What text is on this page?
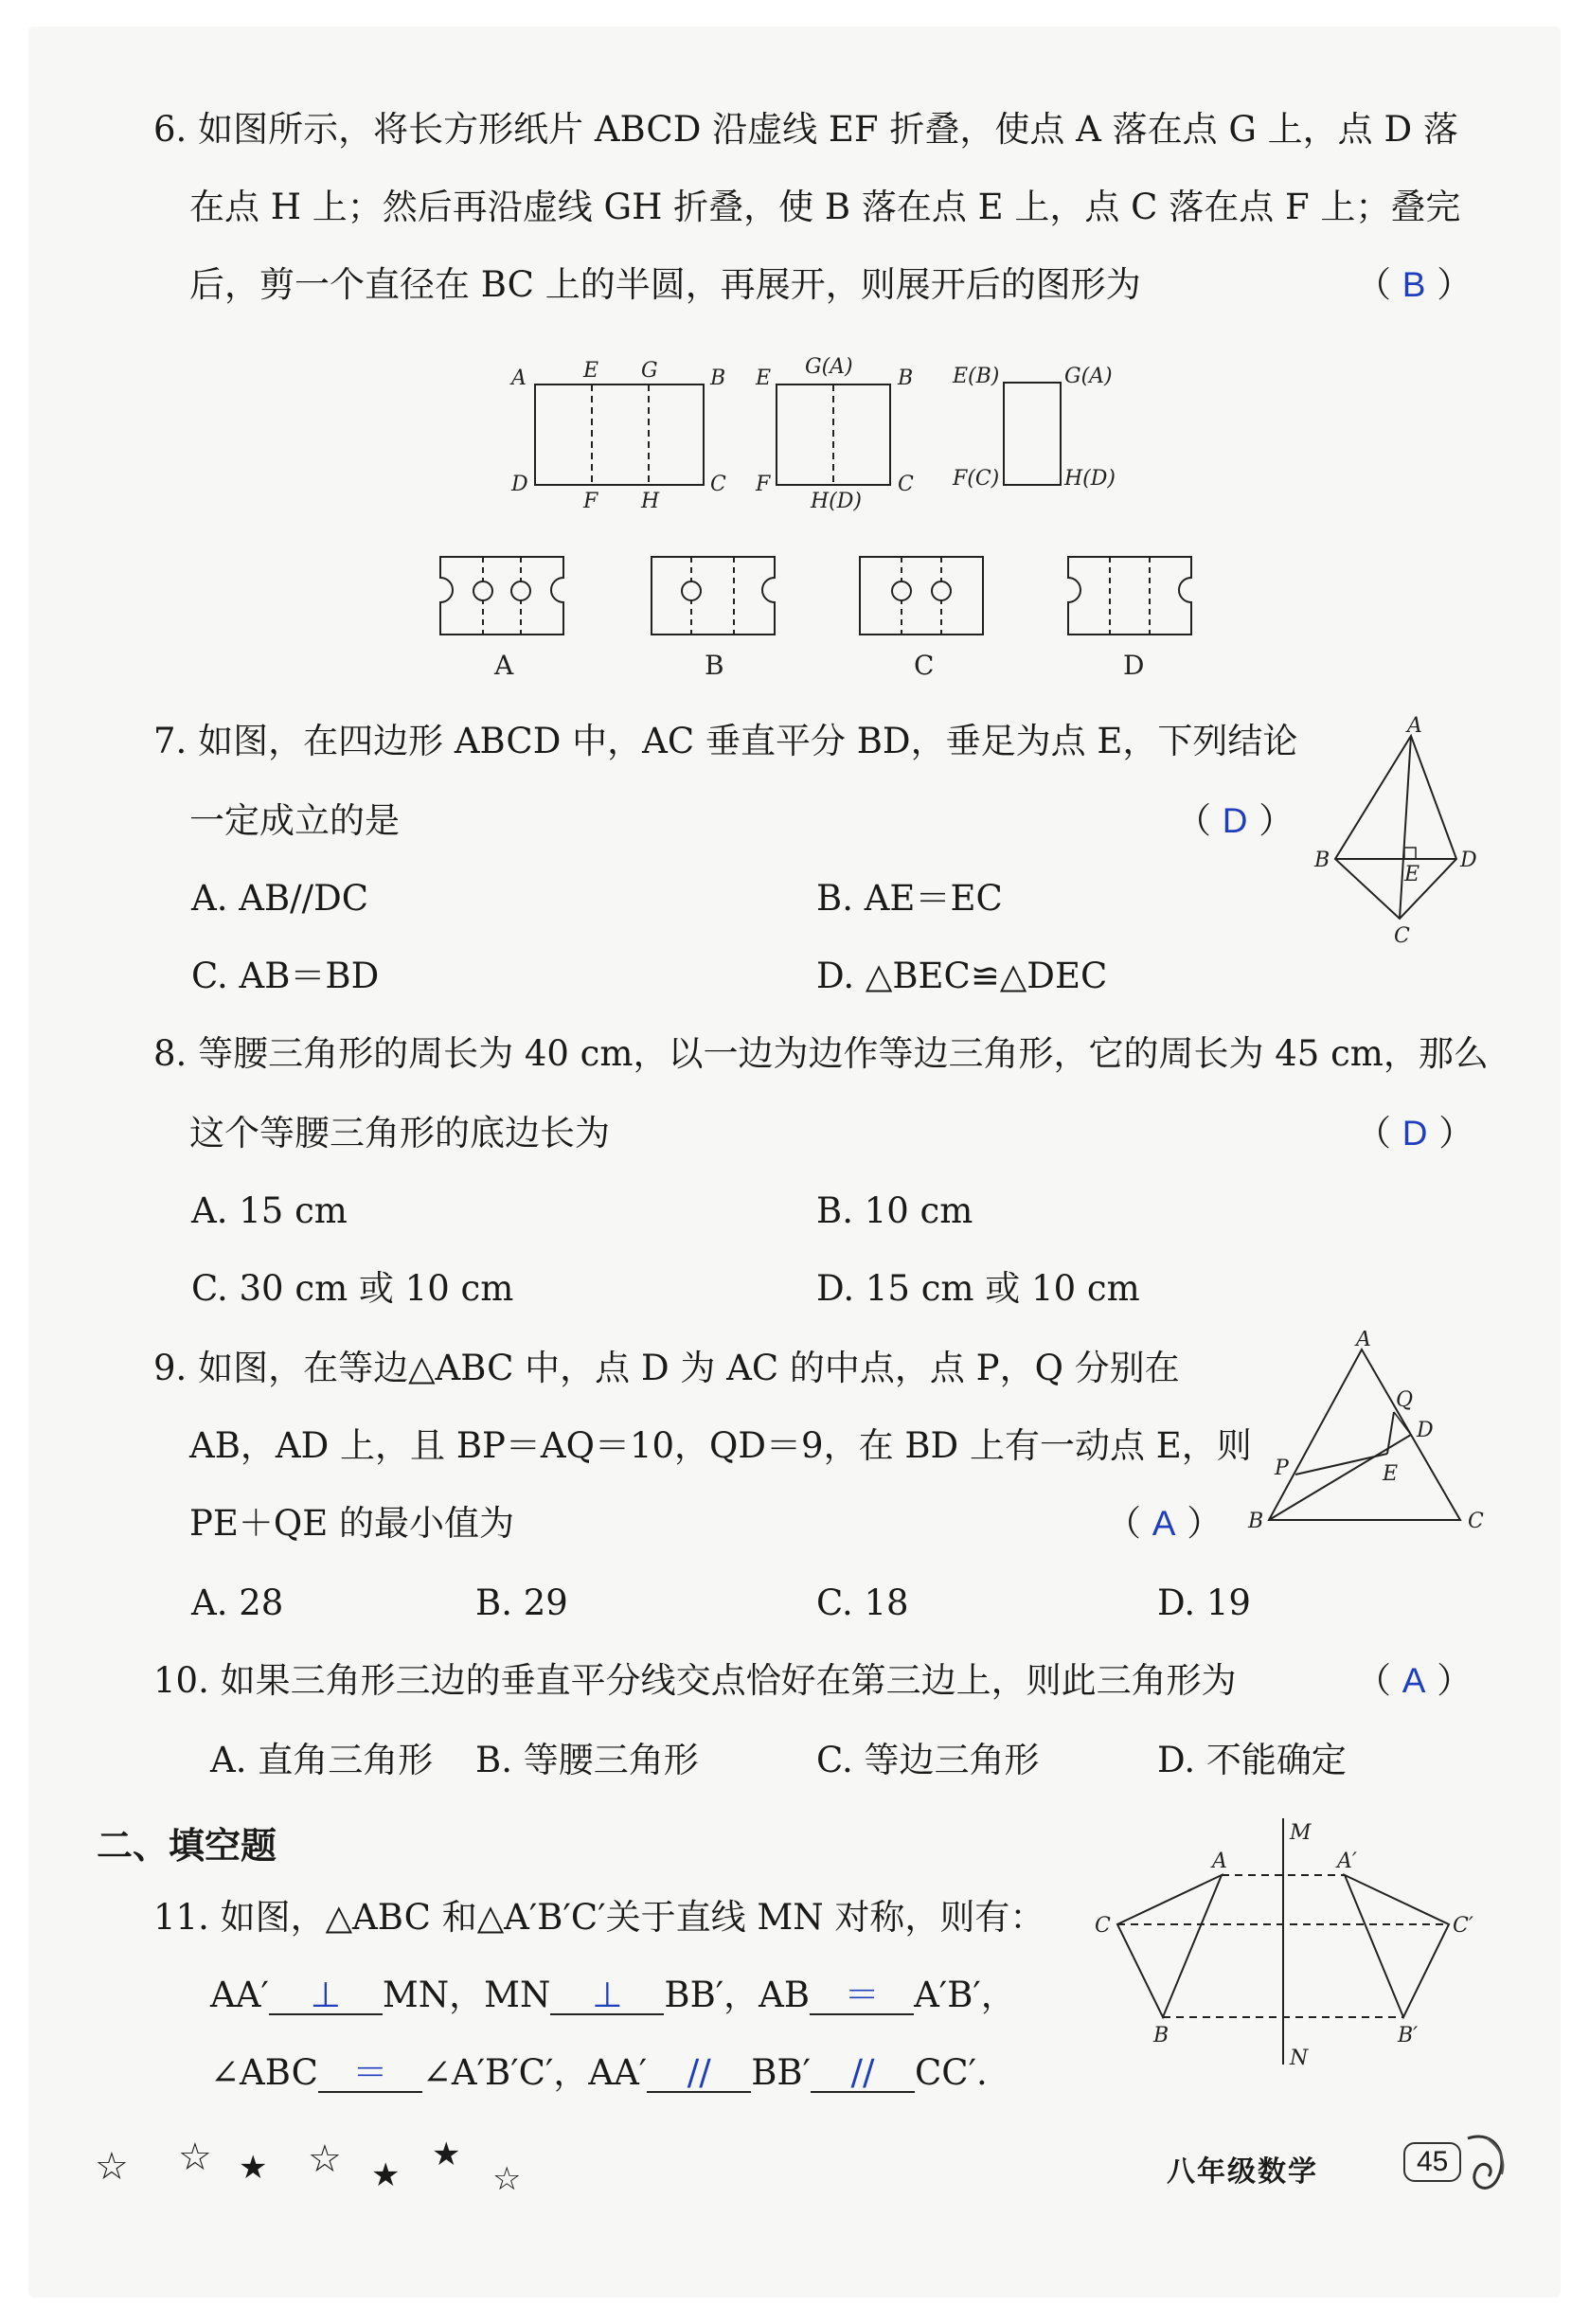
6. 如图所示，将长方形纸片 ABCD 沿虚线 EF 折叠，使点 A 落在点 G 上，点 D 落
在点 H 上；然后再沿虚线 GH 折叠，使 B 落在点 E 上，点 C 落在点 F 上；叠完
后，剪一个直径在 BC 上的半圆，再展开，则展开后的图形为	（ B ）
A	E G	B
D
F H
C
E G(A) B
F
H(D)
C
E(B)	G(A)
F(C)	H(D)
A	B	C	D
7. 如图，在四边形 ABCD 中，AC 垂直平分 BD，垂足为点 E，下列结论
一定成立的是	（ D ）
A. AB//DC	B. AE＝EC
C. AB＝BD	D. △BEC≌△DEC
A
B
C
D
E
8. 等腰三角形的周长为 40 cm，以一边为边作等边三角形，它的周长为 45 cm，那么
这个等腰三角形的底边长为	（ D ）
A. 15 cm	B. 10 cm
C. 30 cm 或 10 cm	D. 15 cm 或 10 cm
9. 如图，在等边△ABC 中，点 D 为 AC 的中点，点 P，Q 分别在
AB，AD 上，且 BP＝AQ＝10，QD＝9，在 BD 上有一动点 E，则
PE＋QE 的最小值为	（ A ）
A. 28	B. 29	C. 18	D. 19
A
Q
D
P	E
B	C
10. 如果三角形三边的垂直平分线交点恰好在第三边上，则此三角形为	（ A ）
A. 直角三角形 B. 等腰三角形	C. 等边三角形	D. 不能确定
二、填空题
11. 如图，△ABC 和△A′B′C′关于直线 MN 对称，则有：
AA′ ⊥ MN，MN ⊥ BB′，AB ＝ A′B′，
∠ABC ＝ ∠A′B′C′，AA′ // BB′ // CC′.
M
N
A	A′
C	C′
B	B′
☆ ☆ ★ ☆ ★
★
☆	八年级数学	45
